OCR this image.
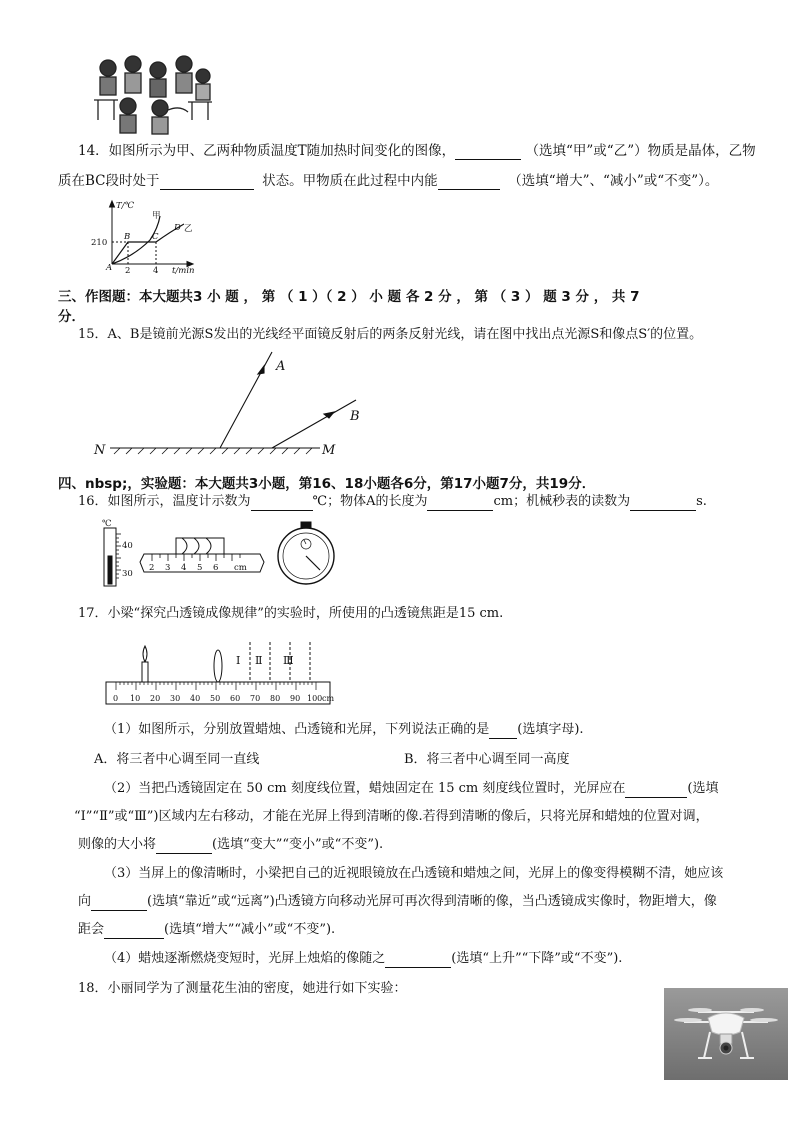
14．如图所示为甲、乙两种物质温度T随加热时间变化的图像，	（选填“甲”或“乙”）物质是晶体，乙物
质在BC段时处于	状态。甲物质在此过程中内能	（选填“增大”、“减小”或“不变”）。
T/℃
t/min
A
210
2	4
B	C
D
甲
乙
三、作图题：本大题共3 小 题 ， 第 （ 1 ）（ 2 ） 小 题 各 2 分 ， 第 （ 3 ） 题 3 分 ， 共 7
分．
15．A、B是镜前光源S发出的光线经平面镜反射后的两条反射光线，请在图中找出点光源S和像点S′的位置。
A
B
N	M
四、nbsp;，实验题：本大题共3小题，第16、18小题各6分，第17小题7分，共19分．
16．如图所示，温度计示数为	℃；物体A的长度为	cm；机械秒表的读数为	s.
℃
40
30
2 3 4 5 6 cm
17．小梁“探究凸透镜成像规律”的实验时，所使用的凸透镜焦距是15 cm.
0 10 20 30 40 50 60 70 80 90 100 cm
Ⅰ Ⅱ Ⅲ
（1）如图所示，分别放置蜡烛、凸透镜和光屏，下列说法正确的是 (选填字母).
A．将三者中心调至同一直线	B．将三者中心调至同一高度
（2）当把凸透镜固定在 50 cm 刻度线位置，蜡烛固定在 15 cm 刻度线位置时，光屏应在	(选填
“Ⅰ”“Ⅱ”或“Ⅲ”)区域内左右移动，才能在光屏上得到清晰的像.若得到清晰的像后，只将光屏和蜡烛的位置对调，
则像的大小将	(选填“变大”“变小”或“不变”).
（3）当屏上的像清晰时，小梁把自己的近视眼镜放在凸透镜和蜡烛之间，光屏上的像变得模糊不清，她应该
向	(选填“靠近”或“远离”)凸透镜方向移动光屏可再次得到清晰的像，当凸透镜成实像时，物距增大，像
距会	(选填“增大”“减小”或“不变”).
（4）蜡烛逐渐燃烧变短时，光屏上烛焰的像随之	(选填“上升”“下降”或“不变”).
18．小丽同学为了测量花生油的密度，她进行如下实验：
